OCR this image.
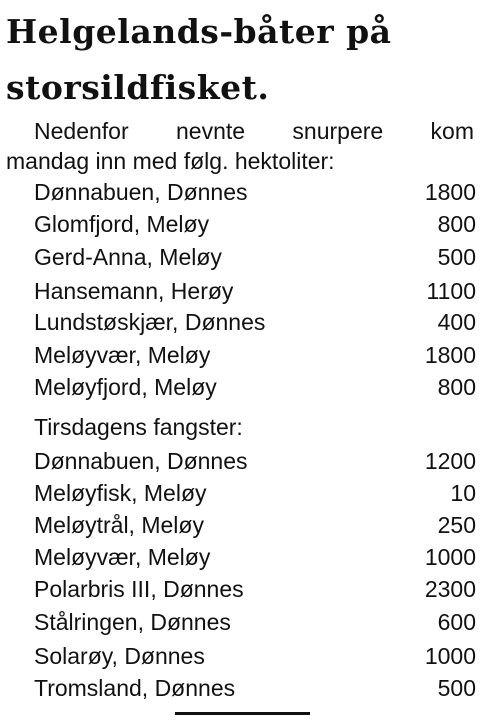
Helgelands-båter på
storsildfisket.
Nedenfor nevnte snurpere kom
mandag inn med følg. hektoliter:
Dønnabuen, Dønnes	1800
Glomfjord, Meløy	800
Gerd-Anna, Meløy	500
Hansemann, Herøy	1100
Lundstøskjær, Dønnes	400
Meløyvær, Meløy	1800
Meløyfjord, Meløy	800
Tirsdagens fangster:
Dønnabuen, Dønnes	1200
Meløyfisk, Meløy	10
Meløytrål, Meløy	250
Meløyvær, Meløy	1000
Polarbris III, Dønnes	2300
Stålringen, Dønnes	600
Solarøy, Dønnes	1000
Tromsland, Dønnes	500
